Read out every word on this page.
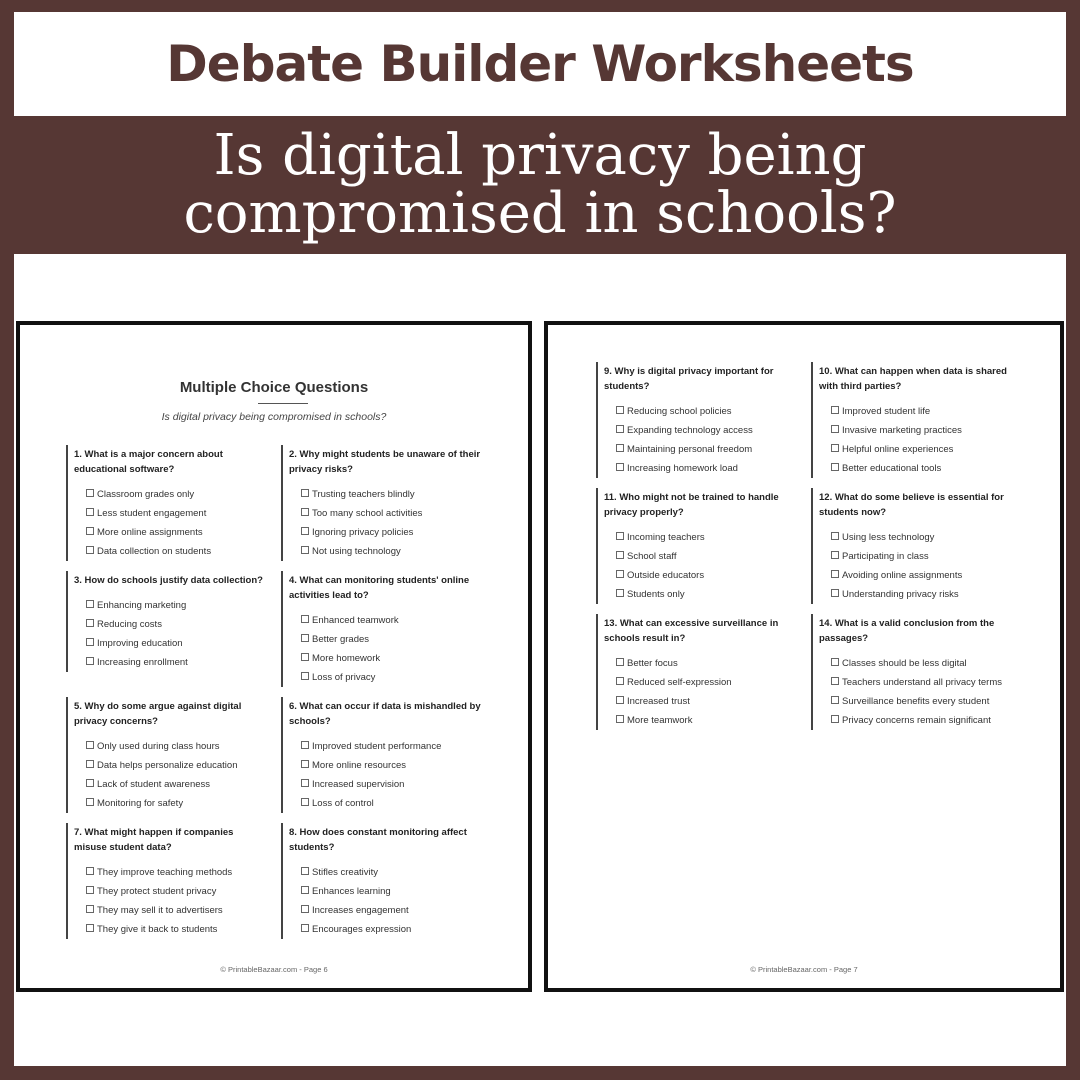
Debate Builder Worksheets
Is digital privacy being compromised in schools?
Multiple Choice Questions
Is digital privacy being compromised in schools?
1. What is a major concern about educational software?
Classroom grades only
Less student engagement
More online assignments
Data collection on students
2. Why might students be unaware of their privacy risks?
Trusting teachers blindly
Too many school activities
Ignoring privacy policies
Not using technology
3. How do schools justify data collection?
Enhancing marketing
Reducing costs
Improving education
Increasing enrollment
4. What can monitoring students' online activities lead to?
Enhanced teamwork
Better grades
More homework
Loss of privacy
5. Why do some argue against digital privacy concerns?
Only used during class hours
Data helps personalize education
Lack of student awareness
Monitoring for safety
6. What can occur if data is mishandled by schools?
Improved student performance
More online resources
Increased supervision
Loss of control
7. What might happen if companies misuse student data?
They improve teaching methods
They protect student privacy
They may sell it to advertisers
They give it back to students
8. How does constant monitoring affect students?
Stifles creativity
Enhances learning
Increases engagement
Encourages expression
© PrintableBazaar.com - Page 6
9. Why is digital privacy important for students?
Reducing school policies
Expanding technology access
Maintaining personal freedom
Increasing homework load
10. What can happen when data is shared with third parties?
Improved student life
Invasive marketing practices
Helpful online experiences
Better educational tools
11. Who might not be trained to handle privacy properly?
Incoming teachers
School staff
Outside educators
Students only
12. What do some believe is essential for students now?
Using less technology
Participating in class
Avoiding online assignments
Understanding privacy risks
13. What can excessive surveillance in schools result in?
Better focus
Reduced self-expression
Increased trust
More teamwork
14. What is a valid conclusion from the passages?
Classes should be less digital
Teachers understand all privacy terms
Surveillance benefits every student
Privacy concerns remain significant
© PrintableBazaar.com - Page 7
